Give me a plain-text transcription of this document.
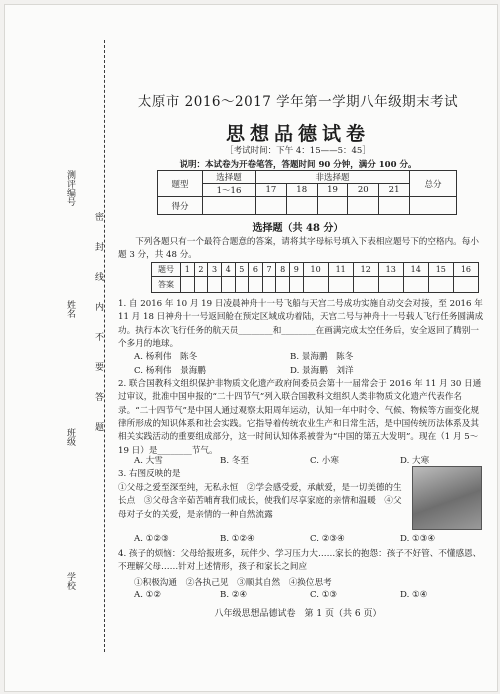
测评编号
姓名
班级
学校
密　　封　　线　　内　　不　　要　　答　　题
太原市 2016～2017 学年第一学期八年级期末考试
思想品德试卷
［考试时间：下午 4：15——5：45］
说明：本试卷为开卷笔答，答题时间 90 分钟，满分 100 分。
题型	选择题	非选择题					总分
	1～16	17	18	19	20	21	
得分							
选择题（共 48 分）
下列各题只有一个最符合题意的答案，请将其字母标号填入下表相应题号下的空格内。每小题 3 分，共 48 分。
题号	1	2	3	4	5	6	7	8	9	10	11	12	13	14	15	16
答案																
1. 自 2016 年 10 月 19 日凌晨神舟十一号飞船与天宫二号成功实施自动交会对接，至 2016 年 11 月 18 日神舟十一号返回舱在预定区域成功着陆，天宫二号与神舟十一号载人飞行任务圆满成功。执行本次飞行任务的航天员________和________在画满完成太空任务后，安全返回了腾别一个多月的地球。
A. 杨利伟　陈冬	B. 景海鹏　陈冬
C. 杨利伟　景海鹏	D. 景海鹏　刘洋
2. 联合国教科文组织保护非物质文化遗产政府间委员会第十一届常会于 2016 年 11 月 30 日通过审议，批准中国申报的“二十四节气”列入联合国教科文组织人类非物质文化遗产代表作名录。“二十四节气”是中国人通过观察太阳周年运动，认知一年中时令、气候、物候等方面变化规律所形成的知识体系和社会实践。它指导着传统农业生产和日常生活，是中国传统历法体系及其相关实践活动的重要组成部分，这一时间认知体系被誉为“中国的第五大发明”。现在（1 月 5～19 日）是________节气。
A. 大雪	B. 冬至	C. 小寒	D. 大寒
3. 右图反映的是
①父母之爱至深至纯，无私永恒　②学会感受爱，承献爱，是一切美德的生长点　③父母含辛茹苦哺育我们成长，使我们尽享家庭的亲情和温暖　④父母对子女的关爱，是亲情的一种自然流露
A. ①②③	B. ①②④	C. ②③④	D. ①③④
4. 孩子的烦恼：父母给报班多，玩伴少、学习压力大……家长的抱怨：孩子不好管、不懂感恩、不理解父母……针对上述情形，孩子和家长之间应
①积极沟通　②各执己见　③顺其自然　④换位思考
A. ①②	B. ②④	C. ①③	D. ①④
八年级思想品德试卷　第 1 页（共 6 页）
